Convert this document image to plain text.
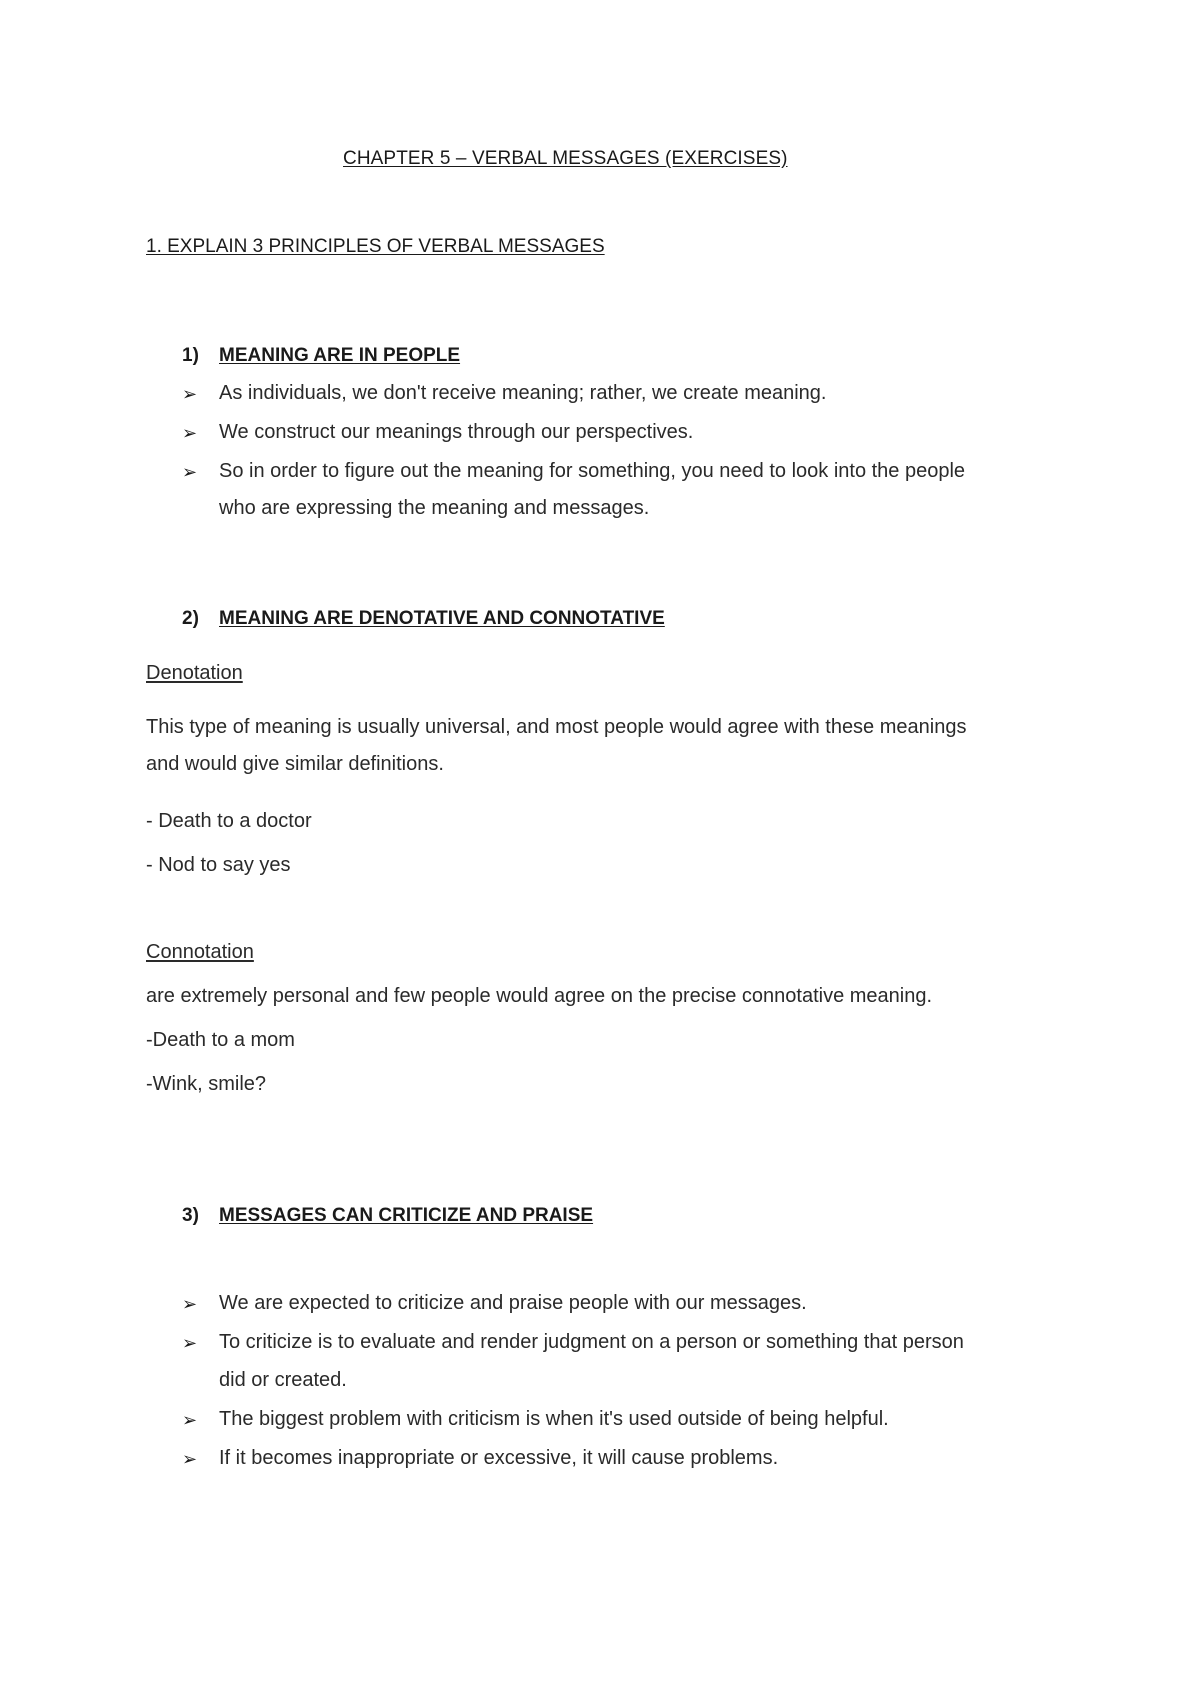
CHAPTER 5 – VERBAL MESSAGES (EXERCISES)
1. EXPLAIN 3 PRINCIPLES OF VERBAL MESSAGES
1) MEANING ARE IN PEOPLE
➢ As individuals, we don't receive meaning; rather, we create meaning.
➢ We construct our meanings through our perspectives.
➢ So in order to figure out the meaning for something, you need to look into the people
who are expressing the meaning and messages.
2) MEANING ARE DENOTATIVE AND CONNOTATIVE
Denotation
This type of meaning is usually universal, and most people would agree with these meanings
and would give similar definitions.
- Death to a doctor
- Nod to say yes
Connotation
are extremely personal and few people would agree on the precise connotative meaning.
-Death to a mom
-Wink, smile?
3) MESSAGES CAN CRITICIZE AND PRAISE
➢ We are expected to criticize and praise people with our messages.
➢ To criticize is to evaluate and render judgment on a person or something that person
did or created.
➢ The biggest problem with criticism is when it's used outside of being helpful.
➢ If it becomes inappropriate or excessive, it will cause problems.
